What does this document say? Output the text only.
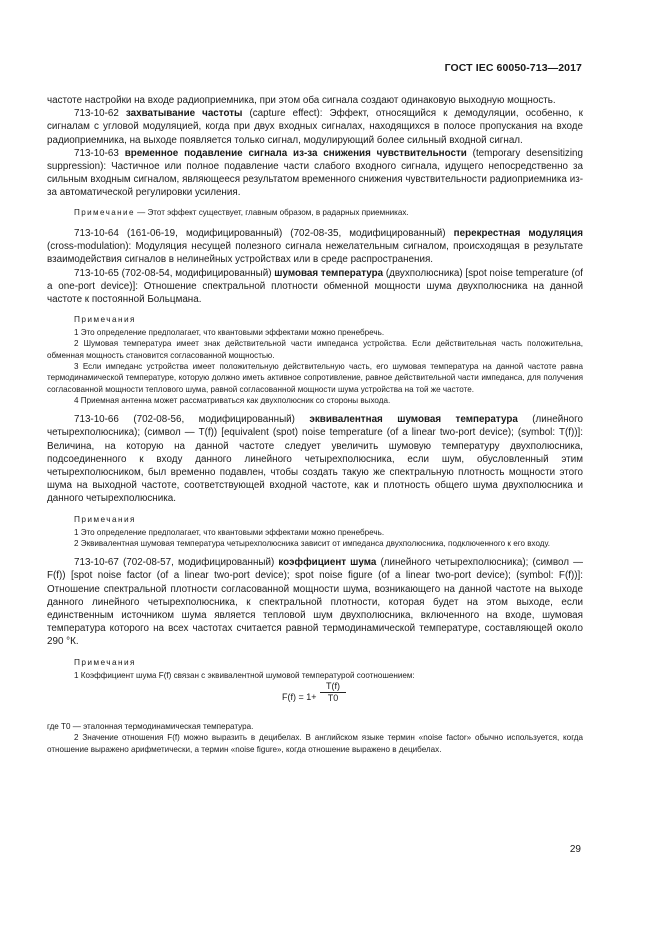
ГОСТ IEC 60050-713—2017

частоте настройки на входе радиоприемника, при этом оба сигнала создают одинаковую выходную мощность.

713-10-62 захватывание частоты (capture effect): Эффект, относящийся к демодуляции, особенно, к сигналам с угловой модуляцией, когда при двух входных сигналах, находящихся в полосе пропускания на входе радиоприемника, на выходе появляется только сигнал, модулирующий более сильный входной сигнал.

713-10-63 временное подавление сигнала из-за снижения чувствительности (temporary desensitizing suppression): Частичное или полное подавление части слабого входного сигнала, идущего непосредственно за сильным входным сигналом, являющееся результатом временного снижения чувствительности радиоприемника из-за автоматической регулировки усиления.

Примечание — Этот эффект существует, главным образом, в радарных приемниках.

713-10-64 (161-06-19, модифицированный) (702-08-35, модифицированный) перекрестная модуляция (cross-modulation): Модуляция несущей полезного сигнала нежелательным сигналом, происходящая в результате взаимодействия сигналов в нелинейных устройствах или в среде распространения.

713-10-65 (702-08-54, модифицированный) шумовая температура (двухполюсника) [spot noise temperature (of a one-port device)]: Отношение спектральной плотности обменной мощности шума двухполюсника на данной частоте к постоянной Больцмана.

Примечания

1 Это определение предполагает, что квантовыми эффектами можно пренебречь.

2 Шумовая температура имеет знак действительной части импеданса устройства. Если действительная часть положительна, обменная мощность становится согласованной мощностью.

3 Если импеданс устройства имеет положительную действительную часть, его шумовая температура на данной частоте равна термодинамической температуре, которую должно иметь активное сопротивление, равное действительной части импеданса, для получения согласованной мощности теплового шума, равной согласованной мощности шума устройства на той же частоте.

4 Приемная антенна может рассматриваться как двухполюсник со стороны выхода.

713-10-66 (702-08-56, модифицированный) эквивалентная шумовая температура (линейного четырехполюсника); (символ — T(f)) [equivalent (spot) noise temperature (of a linear two-port device); (symbol: T(f))]: Величина, на которую на данной частоте следует увеличить шумовую температуру двухполюсника, подсоединенного к входу данного линейного четырехполюсника, если шум, обусловленный этим четырехполюсником, был временно подавлен, чтобы создать такую же спектральную плотность мощности этого шума на выходной частоте, соответствующей входной частоте, как и плотность общего шума двухполюсника и данного четырехполюсника.

Примечания

1 Это определение предполагает, что квантовыми эффектами можно пренебречь.

2 Эквивалентная шумовая температура четырехполюсника зависит от импеданса двухполюсника, подключенного к его входу.

713-10-67 (702-08-57, модифицированный) коэффициент шума (линейного четырехполюсника); (символ — F(f)) [spot noise factor (of a linear two-port device); spot noise figure (of a linear two-port device); (symbol: F(f))]: Отношение спектральной плотности согласованной мощности шума, возникающего на данной частоте на выходе данного линейного четырехполюсника, к спектральной плотности, которая будет на этом выходе, если единственным источником шума является тепловой шум двухполюсника, включенного на входе, шумовая температура которого на всех частотах считается равной термодинамической температуре, составляющей около 290 °К.

Примечания

1 Коэффициент шума F(f) связан с эквивалентной шумовой температурой соотношением:

$F(f) = 1+ \frac{T(f)}{T0}$

где T0 — эталонная термодинамическая температура.

2 Значение отношения F(f) можно выразить в децибелах. В английском языке термин «noise factor» обычно используется, когда отношение выражено арифметически, а термин «noise figure», когда отношение выражено в децибелах.

29
